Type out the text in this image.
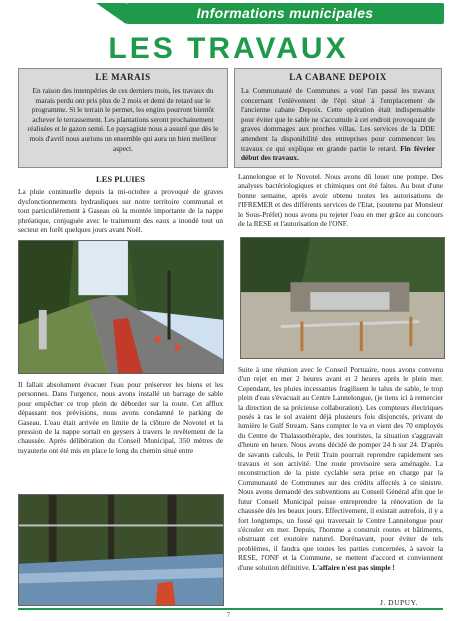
Informations municipales
LES TRAVAUX
LE MARAIS

En raison des intempéries de ces derniers mois, les travaux du marais perdu ont pris plus de 2 mois et demi de retard sur le programme. Si le terrain le permet, les engins pourront bientôt achever le terrassement. Les plantations seront prochainement réalisées et le gazon semé. Le paysagiste nous a assuré que dès le mois d'avril nous aurions un ensemble qui aura un bien meilleur aspect.

LA CABANE DEPOIX

La Communauté de Communes a voté l'an passé les travaux concernant l'enlèvement de l'épi situé à l'emplacement de l'ancienne cabane Depoix. Cette opération était indispensable pour éviter que le sable ne s'accumule à cet endroit provoquant de graves dommages aux proches villas. Les services de la DDE attendent la disponibilité des entreprises pour commencer les travaux ce qui explique en grande partie le retard. Fin février début des travaux.

LES PLUIES

La pluie continuelle depuis la mi-octobre a provoqué de graves dysfonctionnements hydrauliques sur notre territoire communal et tout particulièrement à Gaseau où la montée importante de la nappe phréatique, conjuguée avec le traitement des eaux a inondé tout un secteur en forêt quelques jours avant Noël.

Il fallait absolument évacuer l'eau pour préserver les biens et les personnes. Dans l'urgence, nous avons installé un barrage de sable pour empêcher ce trop plein de déborder sur la route. Cet afflux dépassant nos prévisions, nous avons condamné le parking de Gaseau. L'eau était arrivée en limite de la clôture de Novotel et la pression de la nappe sortait en geysers à travers le revêtement de la chaussée. Après délibération du Conseil Municipal, 350 mètres de tuyauterie ont été mis en place le long du chemin situé entre

Lannelongue et le Novotel. Nous avons dû louer une pompe. Des analyses bactériologiques et chimiques ont été faites. Au bout d'une bonne semaine, après avoir obtenu toutes les autorisations de l'IFREMER et des différents services de l'Etat, (soutenu par Monsieur le Sous-Préfet) nous avons pu rejeter l'eau en mer grâce au concours de la RESE et l'autorisation de l'ONF.

Suite à une réunion avec le Conseil Portuaire, nous avons convenu d'un rejet en mer 2 heures avant et 2 heures après le plein mer. Cependant, les pluies incessantes fragilisent le talus de sable, le trop plein d'eau s'évacuait au Centre Lannelongue, (je tiens ici à remercier la direction de sa précieuse collaboration). Les compteurs électriques posés à ras le sol avaient déjà plusieurs fois disjonctés, privant de lumière le Gulf Stream. Sans compter le va et vient des 70 employés du Centre de Thalassothérapie, des touristes, la situation s'aggravait d'heure en heure. Nous avons décidé de pomper 24 h sur 24. D'après de savants calculs, le Petit Train pourrait reprendre rapidement ses travaux et son activité. Une route provisoire sera aménagée. La reconstruction de la piste cyclable sera prise en charge par la Communauté de Communes sur des crédits affectés à ce sinistre. Nous avons demandé des subventions au Conseil Général afin que le futur Conseil Municipal puisse entreprendre la rénovation de la chaussée dès les beaux jours. Effectivement, il existait autrefois, il y a fort longtemps, un fossé qui traversait le Centre Lannelongue pour s'écouler en mer. Depuis, l'homme a construit routes et bâtiments, obstruant cet exutoire naturel. Dorénavant, pour éviter de tels problèmes, il faudra que toutes les parties concernées, à savoir la RESE, l'ONF et la Commune, se mettent d'accord et conviennent d'une solution définitive. L'affaire n'est pas simple !

J. DUPUY.
7
